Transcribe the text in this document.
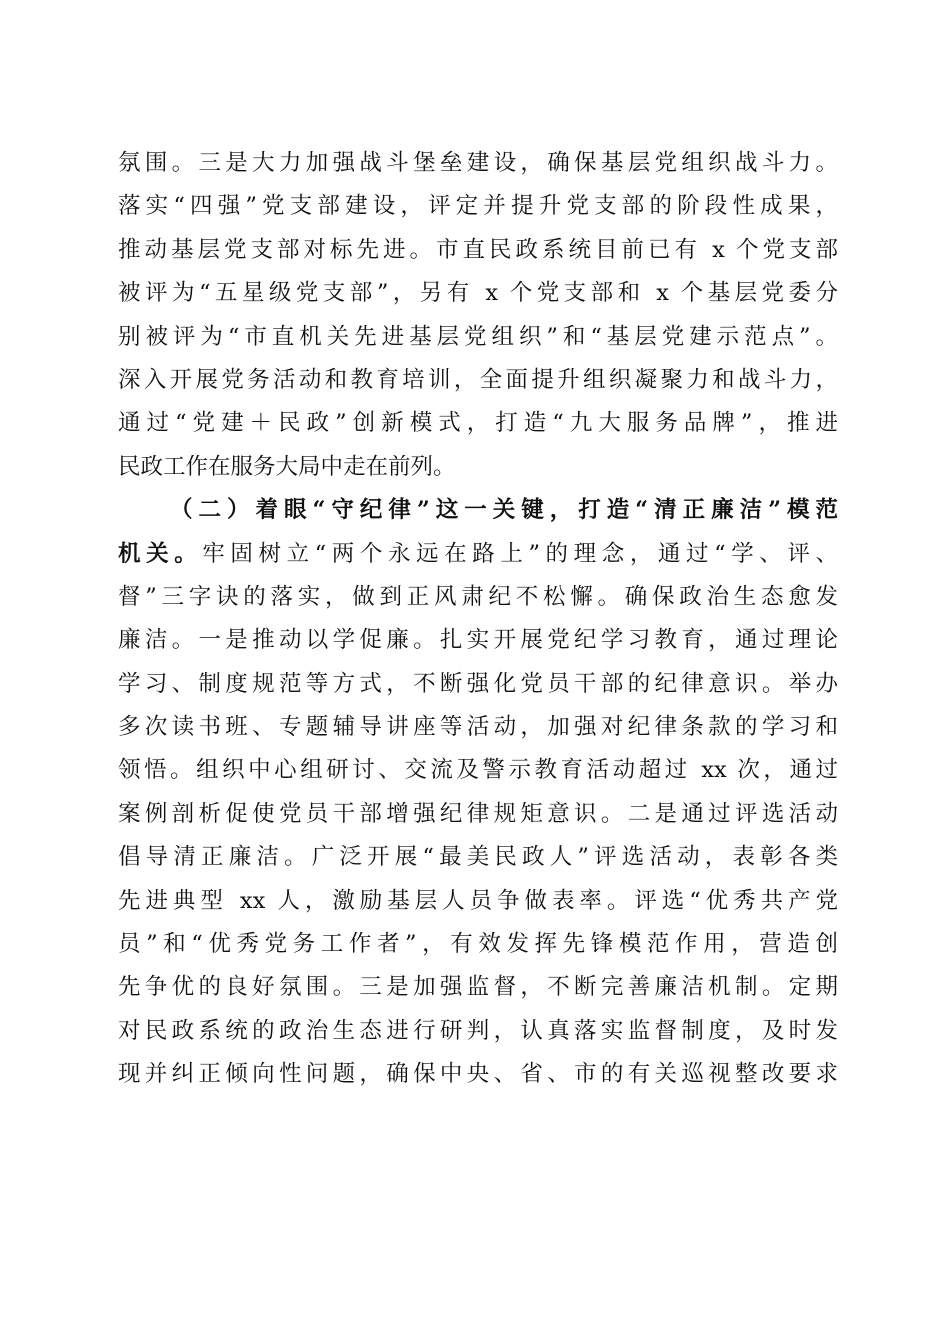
氛围。三是大力加强战斗堡垒建设，确保基层党组织战斗力。
落实“四强”党支部建设，评定并提升党支部的阶段性成果，
推动基层党支部对标先进。市直民政系统目前已有 x 个党支部
被评为“五星级党支部”，另有 x 个党支部和 x 个基层党委分
别被评为“市直机关先进基层党组织”和“基层党建示范点”。
深入开展党务活动和教育培训，全面提升组织凝聚力和战斗力，
通过“党建＋民政”创新模式，打造“九大服务品牌”，推进
民政工作在服务大局中走在前列。
（二）着眼“守纪律”这一关键，打造“清正廉洁”模范
机关。牢固树立“两个永远在路上”的理念，通过“学、评、
督”三字诀的落实，做到正风肃纪不松懈。确保政治生态愈发
廉洁。一是推动以学促廉。扎实开展党纪学习教育，通过理论
学习、制度规范等方式，不断强化党员干部的纪律意识。举办
多次读书班、专题辅导讲座等活动，加强对纪律条款的学习和
领悟。组织中心组研讨、交流及警示教育活动超过 xx 次，通过
案例剖析促使党员干部增强纪律规矩意识。二是通过评选活动
倡导清正廉洁。广泛开展“最美民政人”评选活动，表彰各类
先进典型 xx 人，激励基层人员争做表率。评选“优秀共产党
员”和“优秀党务工作者”，有效发挥先锋模范作用，营造创
先争优的良好氛围。三是加强监督，不断完善廉洁机制。定期
对民政系统的政治生态进行研判，认真落实监督制度，及时发
现并纠正倾向性问题，确保中央、省、市的有关巡视整改要求
